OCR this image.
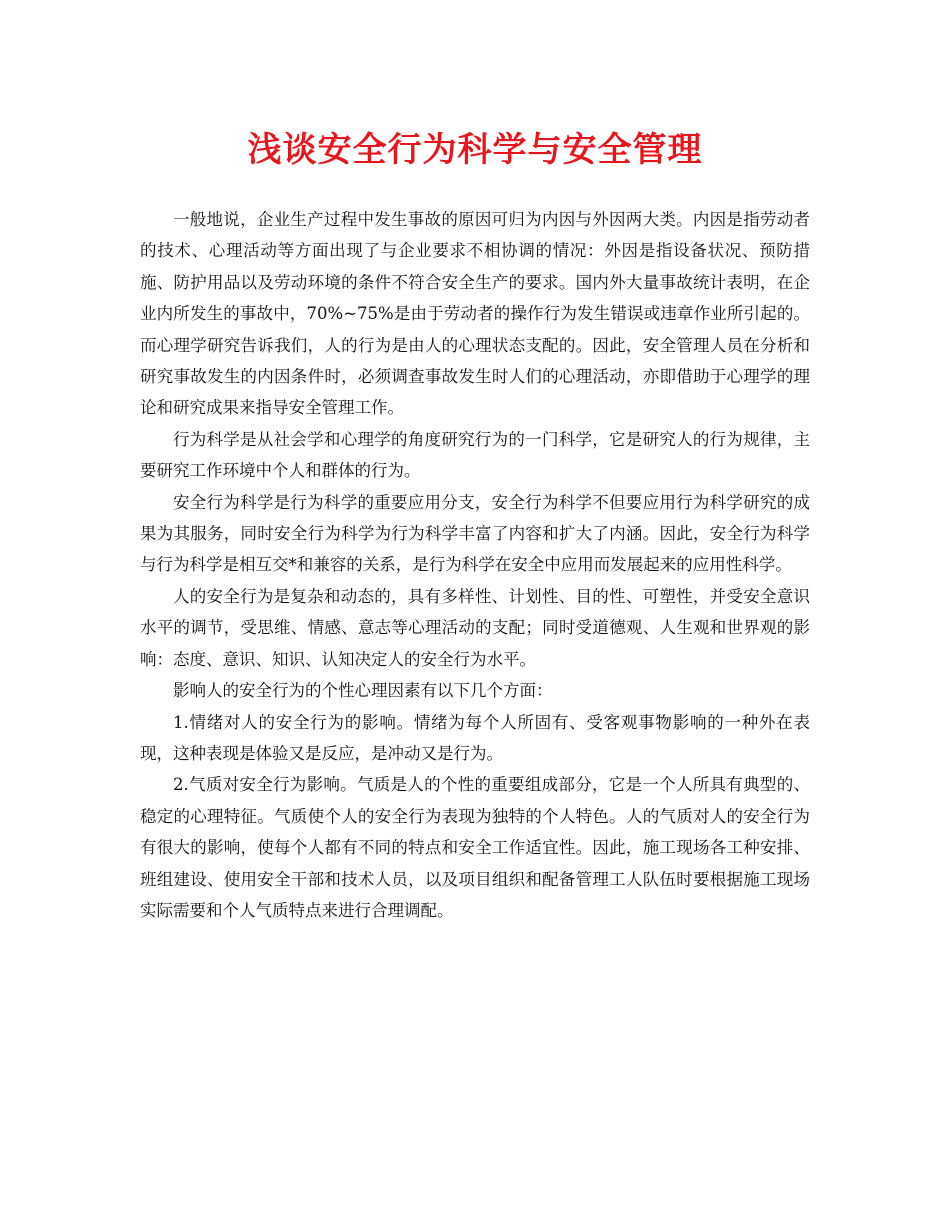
浅谈安全行为科学与安全管理

一般地说，企业生产过程中发生事故的原因可归为内因与外因两大类。内因是指劳动者的技术、心理活动等方面出现了与企业要求不相协调的情况：外因是指设备状况、预防措施、防护用品以及劳动环境的条件不符合安全生产的要求。国内外大量事故统计表明，在企业内所发生的事故中，70%~75%是由于劳动者的操作行为发生错误或违章作业所引起的。而心理学研究告诉我们，人的行为是由人的心理状态支配的。因此，安全管理人员在分析和研究事故发生的内因条件时，必须调查事故发生时人们的心理活动，亦即借助于心理学的理论和研究成果来指导安全管理工作。

行为科学是从社会学和心理学的角度研究行为的一门科学，它是研究人的行为规律，主要研究工作环境中个人和群体的行为。

安全行为科学是行为科学的重要应用分支，安全行为科学不但要应用行为科学研究的成果为其服务，同时安全行为科学为行为科学丰富了内容和扩大了内涵。因此，安全行为科学与行为科学是相互交*和兼容的关系，是行为科学在安全中应用而发展起来的应用性科学。

人的安全行为是复杂和动态的，具有多样性、计划性、目的性、可塑性，并受安全意识水平的调节，受思维、情感、意志等心理活动的支配；同时受道德观、人生观和世界观的影响：态度、意识、知识、认知决定人的安全行为水平。

影响人的安全行为的个性心理因素有以下几个方面：

1.情绪对人的安全行为的影响。情绪为每个人所固有、受客观事物影响的一种外在表现，这种表现是体验又是反应，是冲动又是行为。

2.气质对安全行为影响。气质是人的个性的重要组成部分，它是一个人所具有典型的、稳定的心理特征。气质使个人的安全行为表现为独特的个人特色。人的气质对人的安全行为有很大的影响，使每个人都有不同的特点和安全工作适宜性。因此，施工现场各工种安排、班组建设、使用安全干部和技术人员，以及项目组织和配备管理工人队伍时要根据施工现场实际需要和个人气质特点来进行合理调配。
